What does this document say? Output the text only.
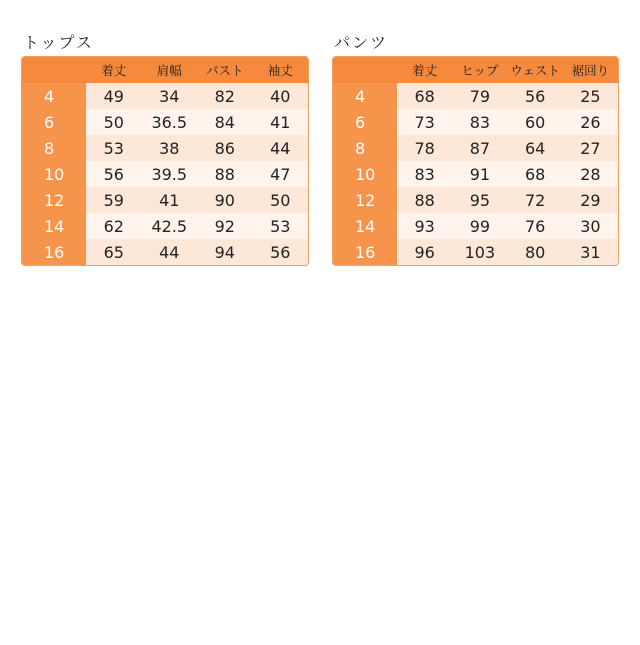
トップス
	着丈	肩幅	バスト	袖丈
4	49	34	82	40
6	50	36.5	84	41
8	53	38	86	44
10	56	39.5	88	47
12	59	41	90	50
14	62	42.5	92	53
16	65	44	94	56
パンツ
	着丈	ヒップ	ウェスト	裾回り
4	68	79	56	25
6	73	83	60	26
8	78	87	64	27
10	83	91	68	28
12	88	95	72	29
14	93	99	76	30
16	96	103	80	31
